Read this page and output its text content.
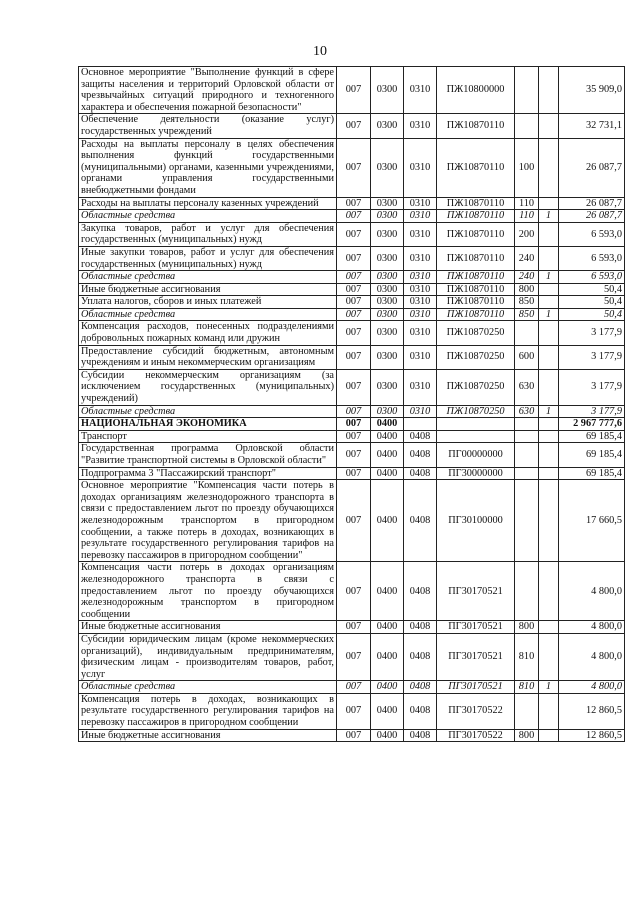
10
Основное мероприятие "Выполнение функций в сфере защиты населения и территорий Орловской области от чрезвычайных ситуаций природного и техногенного характера и обеспечения пожарной безопасности"	007	0300	0310	ПЖ10800000			35 909,0
Обеспечение деятельности (оказание услуг) государственных учреждений	007	0300	0310	ПЖ10870110			32 731,1
Расходы на выплаты персоналу в целях обеспечения выполнения функций государственными (муниципальными) органами, казенными учреждениями, органами управления государственными внебюджетными фондами	007	0300	0310	ПЖ10870110	100		26 087,7
Расходы на выплаты персоналу казенных учреждений	007	0300	0310	ПЖ10870110	110		26 087,7
Областные средства	007	0300	0310	ПЖ10870110	110	1	26 087,7
Закупка товаров, работ и услуг для обеспечения государственных (муниципальных) нужд	007	0300	0310	ПЖ10870110	200		6 593,0
Иные закупки товаров, работ и услуг для обеспечения государственных (муниципальных) нужд	007	0300	0310	ПЖ10870110	240		6 593,0
Областные средства	007	0300	0310	ПЖ10870110	240	1	6 593,0
Иные бюджетные ассигнования	007	0300	0310	ПЖ10870110	800		50,4
Уплата налогов, сборов и иных платежей	007	0300	0310	ПЖ10870110	850		50,4
Областные средства	007	0300	0310	ПЖ10870110	850	1	50,4
Компенсация расходов, понесенных подразделениями добровольных пожарных команд или дружин	007	0300	0310	ПЖ10870250			3 177,9
Предоставление субсидий бюджетным, автономным учреждениям и иным некоммерческим организациям	007	0300	0310	ПЖ10870250	600		3 177,9
Субсидии некоммерческим организациям (за исключением государственных (муниципальных) учреждений)	007	0300	0310	ПЖ10870250	630		3 177,9
Областные средства	007	0300	0310	ПЖ10870250	630	1	3 177,9
НАЦИОНАЛЬНАЯ ЭКОНОМИКА	007	0400					2 967 777,6
Транспорт	007	0400	0408				69 185,4
Государственная программа Орловской области "Развитие транспортной системы в Орловской области"	007	0400	0408	ПГ00000000			69 185,4
Подпрограмма 3 "Пассажирский транспорт"	007	0400	0408	ПГ30000000			69 185,4
Основное мероприятие "Компенсация части потерь в доходах организациям железнодорожного транспорта в связи с предоставлением льгот по проезду обучающихся железнодорожным транспортом в пригородном сообщении, а также потерь в доходах, возникающих в результате государственного регулирования тарифов на перевозку пассажиров в пригородном сообщении"	007	0400	0408	ПГ30100000			17 660,5
Компенсация части потерь в доходах организациям железнодорожного транспорта в связи с предоставлением льгот по проезду обучающихся железнодорожным транспортом в пригородном сообщении	007	0400	0408	ПГ30170521			4 800,0
Иные бюджетные ассигнования	007	0400	0408	ПГ30170521	800		4 800,0
Субсидии юридическим лицам (кроме некоммерческих организаций), индивидуальным предпринимателям, физическим лицам - производителям товаров, работ, услуг	007	0400	0408	ПГ30170521	810		4 800,0
Областные средства	007	0400	0408	ПГ30170521	810	1	4 800,0
Компенсация потерь в доходах, возникающих в результате государственного регулирования тарифов на перевозку пассажиров в пригородном сообщении	007	0400	0408	ПГ30170522			12 860,5
Иные бюджетные ассигнования	007	0400	0408	ПГ30170522	800		12 860,5
